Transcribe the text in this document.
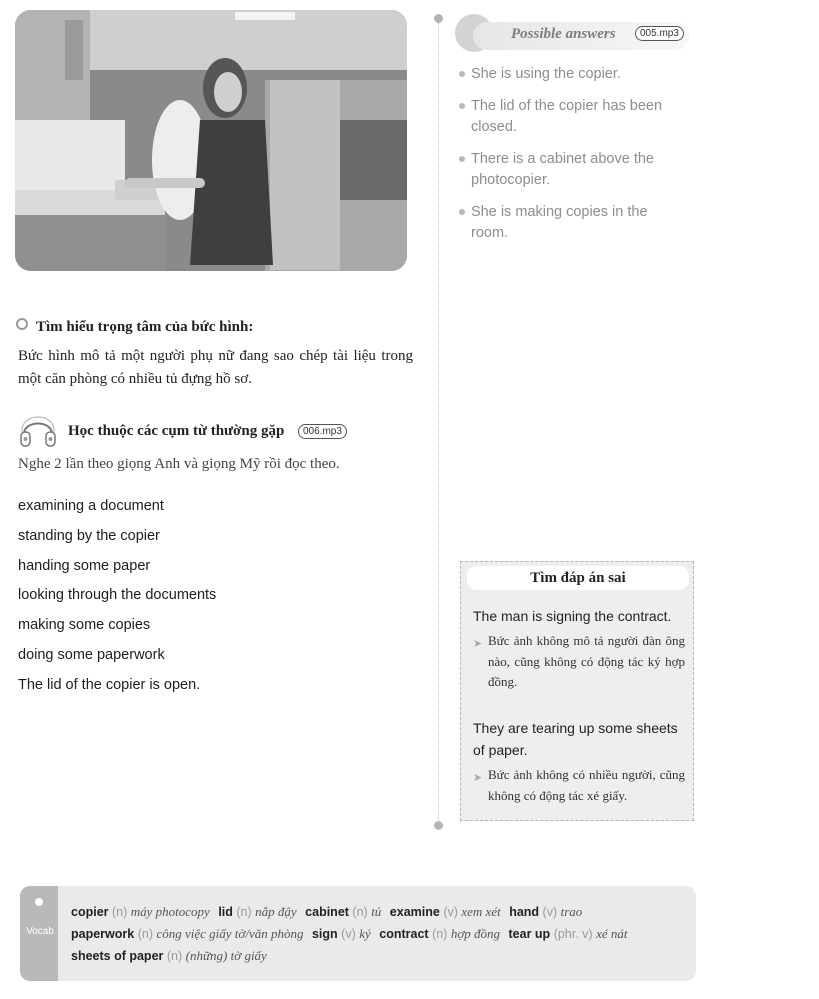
Possible answers	005.mp3
She is using the copier.
The lid of the copier has been closed.
There is a cabinet above the photocopier.
She is making copies in the room.
Tìm hiểu trọng tâm của bức hình:
Bức hình mô tả một người phụ nữ đang sao chép tài liệu trong một căn phòng có nhiều tủ đựng hồ sơ.
Học thuộc các cụm từ thường gặp	006.mp3
Nghe 2 lần theo giọng Anh và giọng Mỹ rồi đọc theo.
examining a document
standing by the copier
handing some paper
looking through the documents
making some copies
doing some paperwork
The lid of the copier is open.
Tìm đáp án sai
The man is signing the contract.
➤ Bức ảnh không mô tả người đàn ông nào, cũng không có động tác ký hợp đồng.
They are tearing up some sheets of paper.
➤ Bức ảnh không có nhiều người, cũng không có động tác xé giấy.
Vocab
copier (n) máy photocopy lid (n) nắp đậy cabinet (n) tủ examine (v) xem xét hand (v) trao
paperwork (n) công việc giấy tờ/văn phòng sign (v) ký contract (n) hợp đồng tear up (phr. v) xé nát
sheets of paper (n) (những) tờ giấy
